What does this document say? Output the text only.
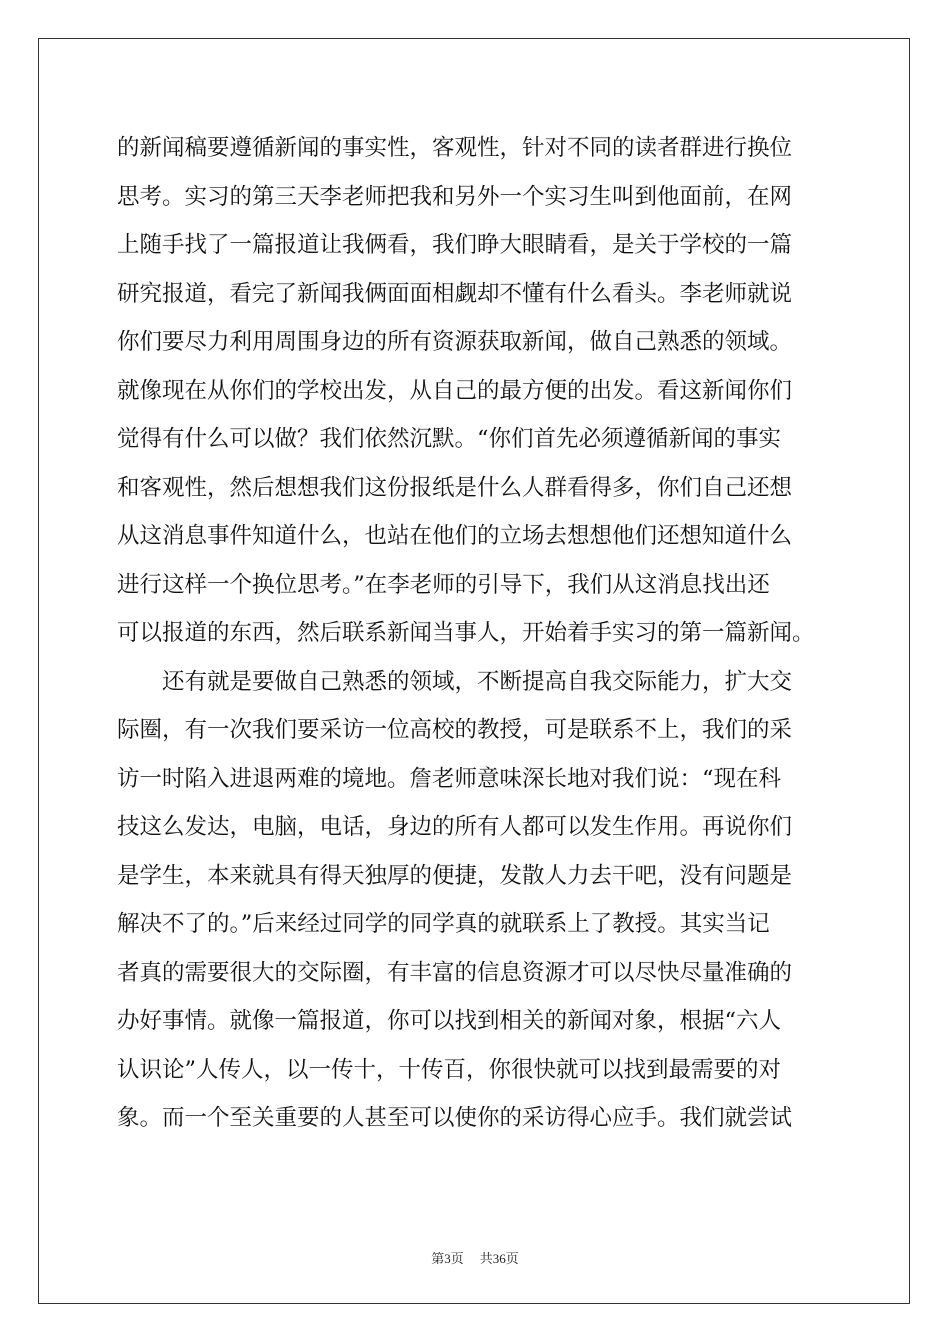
的新闻稿要遵循新闻的事实性，客观性，针对不同的读者群进行换位
思考。实习的第三天李老师把我和另外一个实习生叫到他面前，在网
上随手找了一篇报道让我俩看，我们睁大眼睛看，是关于学校的一篇
研究报道，看完了新闻我俩面面相觑却不懂有什么看头。李老师就说
你们要尽力利用周围身边的所有资源获取新闻，做自己熟悉的领域。
就像现在从你们的学校出发，从自己的最方便的出发。看这新闻你们
觉得有什么可以做？我们依然沉默。“你们首先必须遵循新闻的事实
和客观性，然后想想我们这份报纸是什么人群看得多，你们自己还想
从这消息事件知道什么，也站在他们的立场去想想他们还想知道什么
进行这样一个换位思考。”在李老师的引导下，我们从这消息找出还
可以报道的东西，然后联系新闻当事人，开始着手实习的第一篇新闻。
还有就是要做自己熟悉的领域，不断提高自我交际能力，扩大交
际圈，有一次我们要采访一位高校的教授，可是联系不上，我们的采
访一时陷入进退两难的境地。詹老师意味深长地对我们说：“现在科
技这么发达，电脑，电话，身边的所有人都可以发生作用。再说你们
是学生，本来就具有得天独厚的便捷，发散人力去干吧，没有问题是
解决不了的。”后来经过同学的同学真的就联系上了教授。其实当记
者真的需要很大的交际圈，有丰富的信息资源才可以尽快尽量准确的
办好事情。就像一篇报道，你可以找到相关的新闻对象，根据“六人
认识论”人传人，以一传十，十传百，你很快就可以找到最需要的对
象。而一个至关重要的人甚至可以使你的采访得心应手。我们就尝试
第3页 共36页
